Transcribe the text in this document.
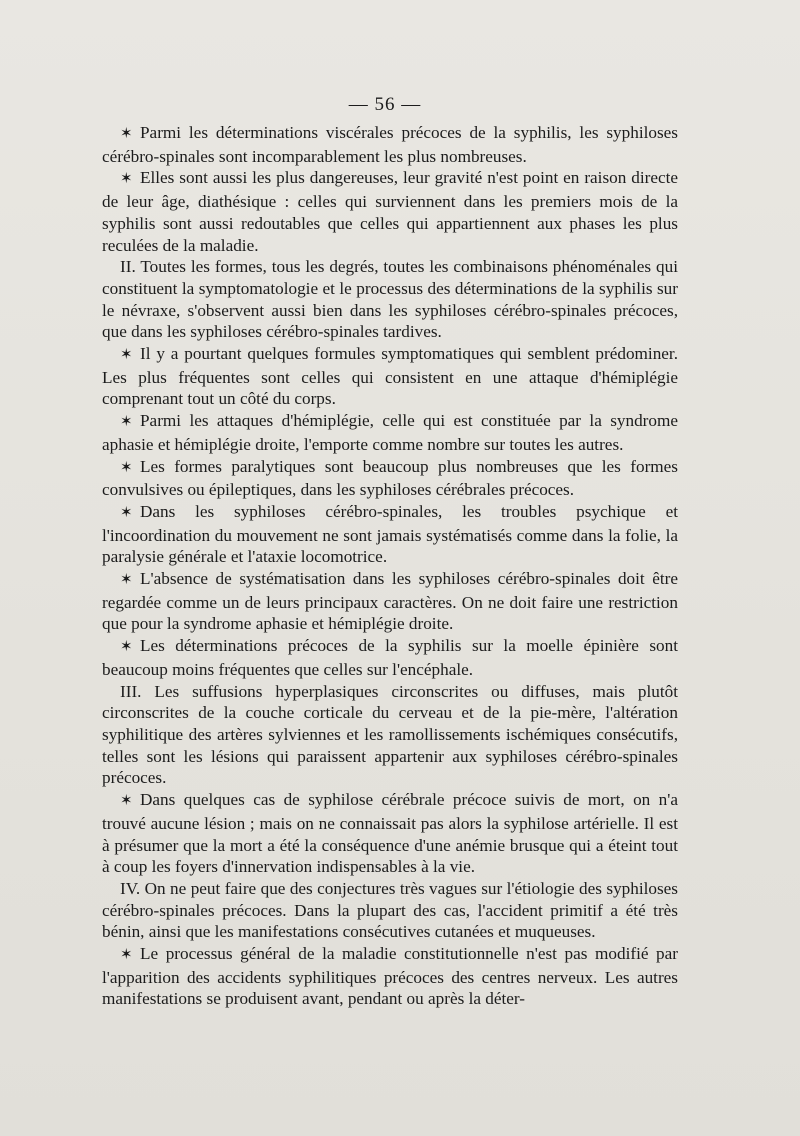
— 56 —

✶ Parmi les déterminations viscérales précoces de la syphilis, les syphiloses cérébro-spinales sont incomparablement les plus nombreuses.

✶ Elles sont aussi les plus dangereuses, leur gravité n'est point en raison directe de leur âge, diathésique : celles qui surviennent dans les premiers mois de la syphilis sont aussi redoutables que celles qui appartiennent aux phases les plus reculées de la maladie.

II. Toutes les formes, tous les degrés, toutes les combinaisons phénoménales qui constituent la symptomatologie et le processus des déterminations de la syphilis sur le névraxe, s'observent aussi bien dans les syphiloses cérébro-spinales précoces, que dans les syphiloses cérébro-spinales tardives.

✶ Il y a pourtant quelques formules symptomatiques qui semblent prédominer. Les plus fréquentes sont celles qui consistent en une attaque d'hémiplégie comprenant tout un côté du corps.

✶ Parmi les attaques d'hémiplégie, celle qui est constituée par la syndrome aphasie et hémiplégie droite, l'emporte comme nombre sur toutes les autres.

✶ Les formes paralytiques sont beaucoup plus nombreuses que les formes convulsives ou épileptiques, dans les syphiloses cérébrales précoces.

✶ Dans les syphiloses cérébro-spinales, les troubles psychique et l'incoordination du mouvement ne sont jamais systématisés comme dans la folie, la paralysie générale et l'ataxie locomotrice.

✶ L'absence de systématisation dans les syphiloses cérébro-spinales doit être regardée comme un de leurs principaux caractères. On ne doit faire une restriction que pour la syndrome aphasie et hémiplégie droite.

✶ Les déterminations précoces de la syphilis sur la moelle épinière sont beaucoup moins fréquentes que celles sur l'encéphale.

III. Les suffusions hyperplasiques circonscrites ou diffuses, mais plutôt circonscrites de la couche corticale du cerveau et de la pie-mère, l'altération syphilitique des artères sylviennes et les ramollissements ischémiques consécutifs, telles sont les lésions qui paraissent appartenir aux syphiloses cérébro-spinales précoces.

✶ Dans quelques cas de syphilose cérébrale précoce suivis de mort, on n'a trouvé aucune lésion ; mais on ne connaissait pas alors la syphilose artérielle. Il est à présumer que la mort a été la conséquence d'une anémie brusque qui a éteint tout à coup les foyers d'innervation indispensables à la vie.

IV. On ne peut faire que des conjectures très vagues sur l'étiologie des syphiloses cérébro-spinales précoces. Dans la plupart des cas, l'accident primitif a été très bénin, ainsi que les manifestations consécutives cutanées et muqueuses.

✶ Le processus général de la maladie constitutionnelle n'est pas modifié par l'apparition des accidents syphilitiques précoces des centres nerveux. Les autres manifestations se produisent avant, pendant ou après la déter-
